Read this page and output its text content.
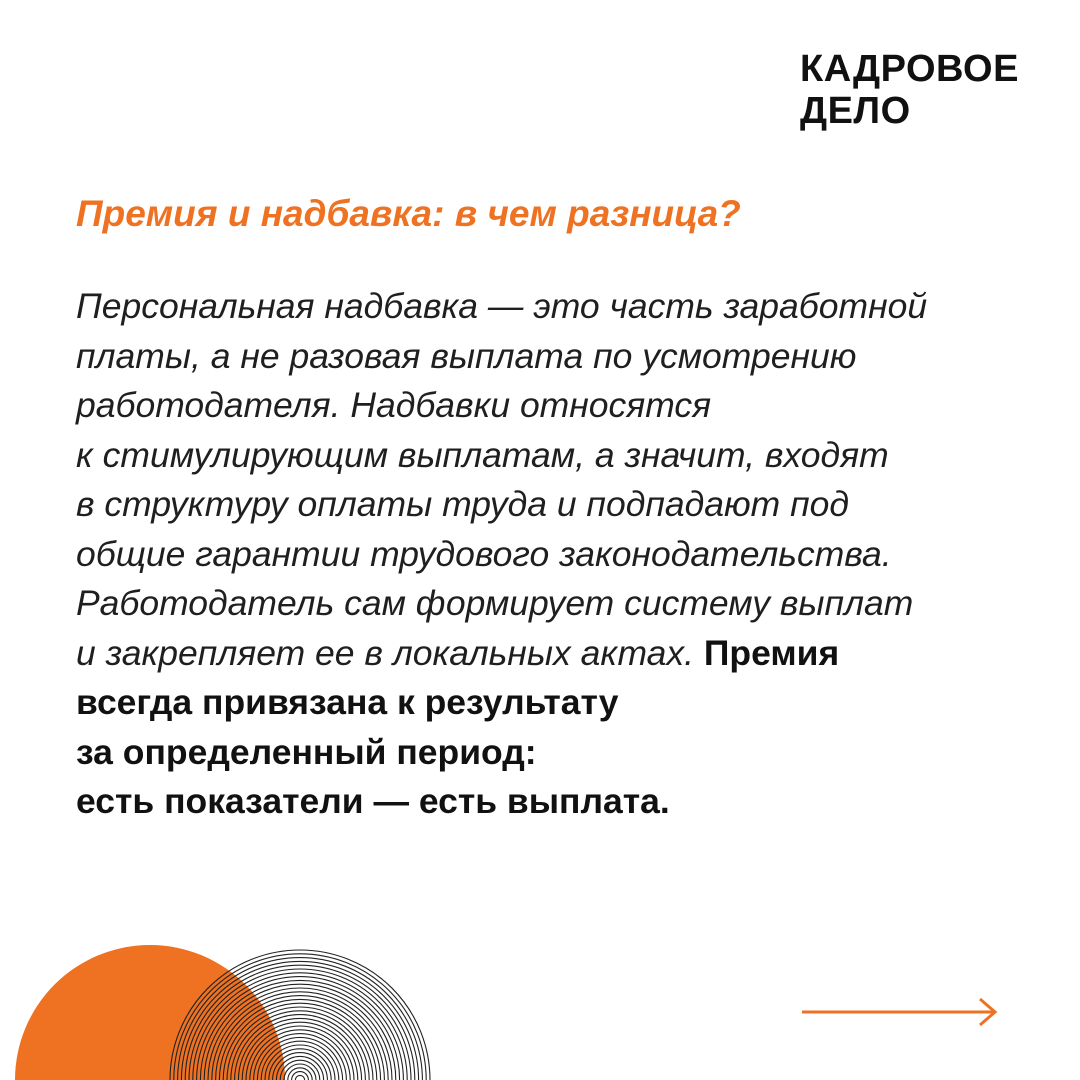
КАДРОВОЕ
ДЕЛО
Премия и надбавка: в чем разница?
Персональная надбавка — это часть заработной
платы, а не разовая выплата по усмотрению
работодателя. Надбавки относятся
к стимулирующим выплатам, а значит, входят
в структуру оплаты труда и подпадают под
общие гарантии трудового законодательства.
Работодатель сам формирует систему выплат
и закрепляет ее в локальных актах. Премия
всегда привязана к результату
за определенный период:
есть показатели — есть выплата.
